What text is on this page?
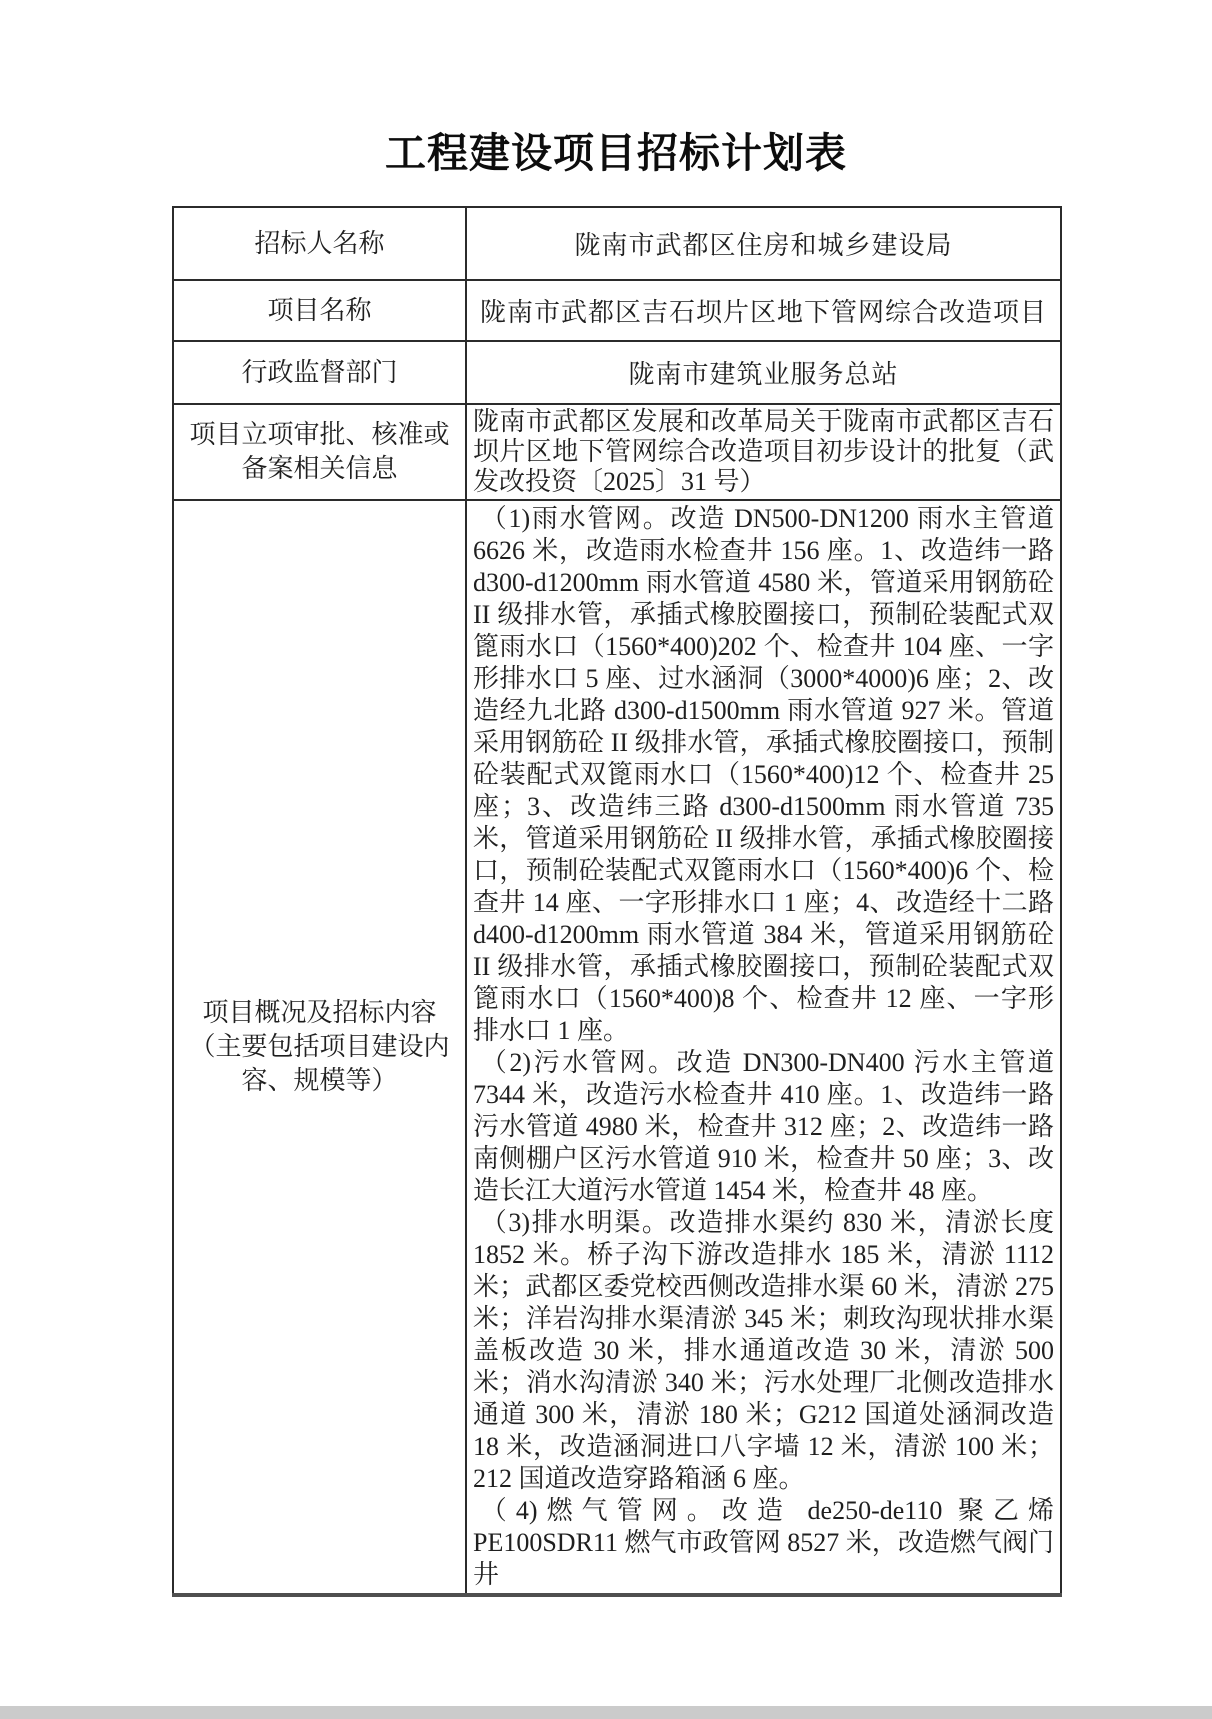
工程建设项目招标计划表
招标人名称	陇南市武都区住房和城乡建设局
项目名称	陇南市武都区吉石坝片区地下管网综合改造项目
行政监督部门	陇南市建筑业服务总站
项目立项审批、核准或备案相关信息	陇南市武都区发展和改革局关于陇南市武都区吉石坝片区地下管网综合改造项目初步设计的批复（武发改投资〔2025〕31 号）
项目概况及招标内容（主要包括项目建设内容、规模等）	（1)雨水管网。改造 DN500-DN1200 雨水主管道 6626 米，改造雨水检查井 156 座。1、改造纬一路 d300-d1200mm 雨水管道 4580 米，管道采用钢筋砼 II 级排水管，承插式橡胶圈接口，预制砼装配式双篦雨水口（1560*400)202 个、检查井 104 座、一字形排水口 5 座、过水涵洞（3000*4000)6 座；2、改造经九北路 d300-d1500mm 雨水管道 927 米。管道采用钢筋砼 II 级排水管，承插式橡胶圈接口，预制砼装配式双篦雨水口（1560*400)12 个、检查井 25 座；3、改造纬三路 d300-d1500mm 雨水管道 735 米，管道采用钢筋砼 II 级排水管，承插式橡胶圈接口，预制砼装配式双篦雨水口（1560*400)6 个、检查井 14 座、一字形排水口 1 座；4、改造经十二路 d400-d1200mm 雨水管道 384 米，管道采用钢筋砼 II 级排水管，承插式橡胶圈接口，预制砼装配式双篦雨水口（1560*400)8 个、检查井 12 座、一字形排水口 1 座。

（2)污水管网。改造 DN300-DN400 污水主管道 7344 米，改造污水检查井 410 座。1、改造纬一路污水管道 4980 米，检查井 312 座；2、改造纬一路南侧棚户区污水管道 910 米，检查井 50 座；3、改造长江大道污水管道 1454 米，检查井 48 座。

（3)排水明渠。改造排水渠约 830 米，清淤长度 1852 米。桥子沟下游改造排水 185 米，清淤 1112 米；武都区委党校西侧改造排水渠 60 米，清淤 275 米；洋岩沟排水渠清淤 345 米；刺玫沟现状排水渠盖板改造 30 米，排水通道改造 30 米，清淤 500 米；消水沟清淤 340 米；污水处理厂北侧改造排水通道 300 米，清淤 180 米；G212 国道处涵洞改造 18 米，改造涵洞进口八字墙 12 米，清淤 100 米；212 国道改造穿路箱涵 6 座。

（4)燃气管网。改造 de250-de110 聚乙烯 PE100SDR11 燃气市政管网 8527 米，改造燃气阀门井
